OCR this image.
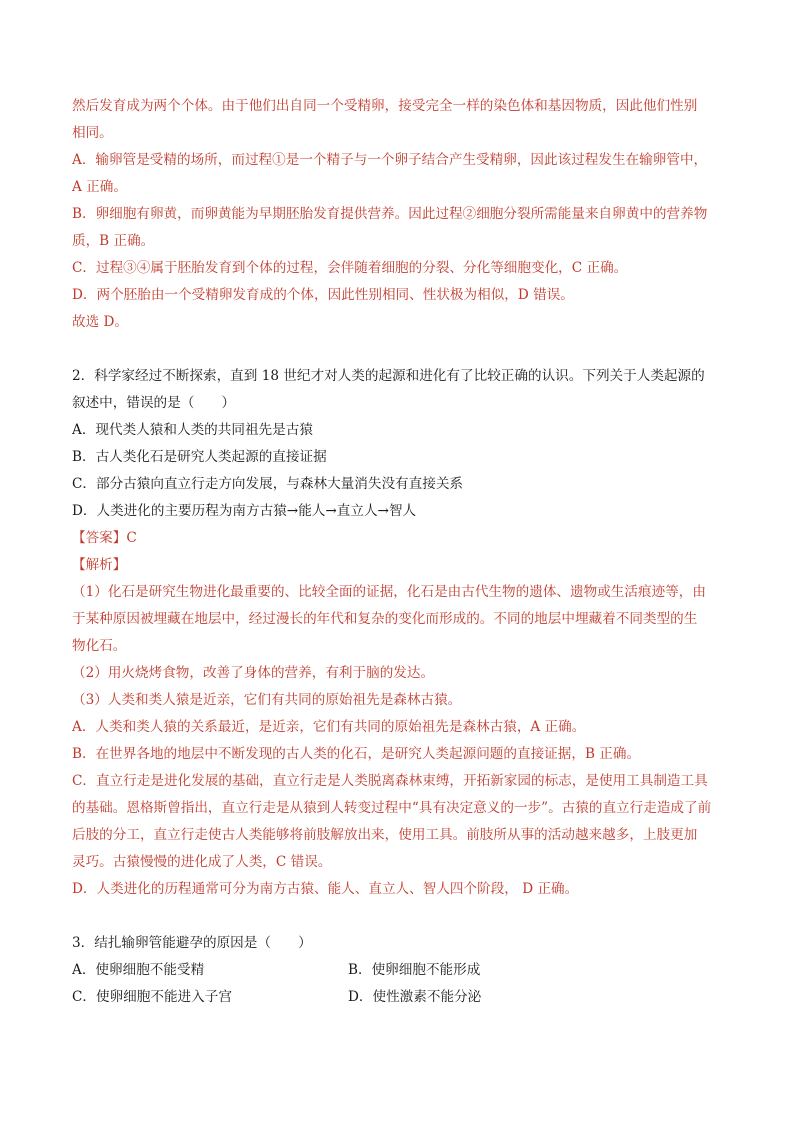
然后发育成为两个个体。由于他们出自同一个受精卵，接受完全一样的染色体和基因物质，因此他们性别
相同。
A．输卵管是受精的场所，而过程①是一个精子与一个卵子结合产生受精卵，因此该过程发生在输卵管中，
A 正确。
B．卵细胞有卵黄，而卵黄能为早期胚胎发育提供营养。因此过程②细胞分裂所需能量来自卵黄中的营养物
质，B 正确。
C．过程③④属于胚胎发育到个体的过程，会伴随着细胞的分裂、分化等细胞变化，C 正确。
D．两个胚胎由一个受精卵发育成的个体，因此性别相同、性状极为相似，D 错误。
故选 D。
2．科学家经过不断探索，直到 18 世纪才对人类的起源和进化有了比较正确的认识。下列关于人类起源的
叙述中，错误的是（　　）
A．现代类人猿和人类的共同祖先是古猿
B．古人类化石是研究人类起源的直接证据
C．部分古猿向直立行走方向发展，与森林大量消失没有直接关系
D．人类进化的主要历程为南方古猿→能人→直立人→智人
【答案】C
【解析】
（1）化石是研究生物进化最重要的、比较全面的证据，化石是由古代生物的遗体、遗物或生活痕迹等，由
于某种原因被埋藏在地层中，经过漫长的年代和复杂的变化而形成的。不同的地层中埋藏着不同类型的生
物化石。
（2）用火烧烤食物，改善了身体的营养，有利于脑的发达。
（3）人类和类人猿是近亲，它们有共同的原始祖先是森林古猿。
A．人类和类人猿的关系最近，是近亲，它们有共同的原始祖先是森林古猿，A 正确。
B．在世界各地的地层中不断发现的古人类的化石，是研究人类起源问题的直接证据，B 正确。
C．直立行走是进化发展的基础，直立行走是人类脱离森林束缚，开拓新家园的标志，是使用工具制造工具
的基础。恩格斯曾指出，直立行走是从猿到人转变过程中“具有决定意义的一步”。古猿的直立行走造成了前
后肢的分工，直立行走使古人类能够将前肢解放出来，使用工具。前肢所从事的活动越来越多，上肢更加
灵巧。古猿慢慢的进化成了人类，C 错误。
D．人类进化的历程通常可分为南方古猿、能人、直立人、智人四个阶段， D 正确。
3．结扎输卵管能避孕的原因是（　　）
A．使卵细胞不能受精	B．使卵细胞不能形成
C．使卵细胞不能进入子宫	D．使性激素不能分泌
